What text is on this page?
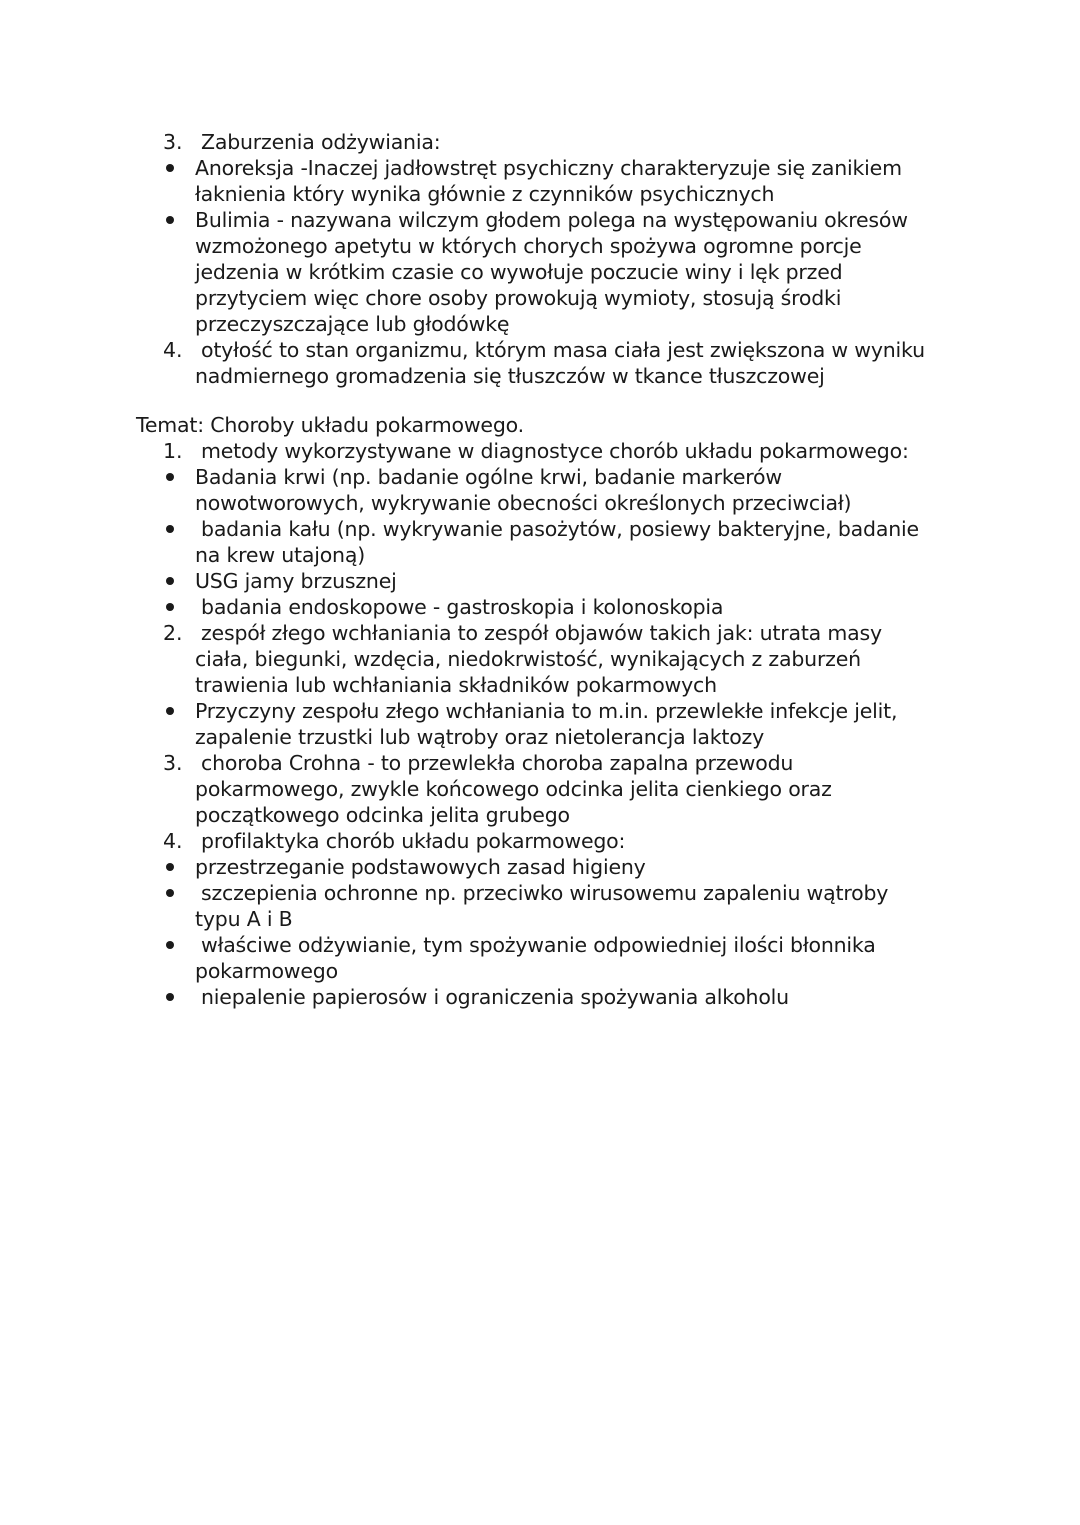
3. Zaburzenia odżywiania:
Anoreksja -Inaczej jadłowstręt psychiczny charakteryzuje się zanikiem
łaknienia który wynika głównie z czynników psychicznych
Bulimia - nazywana wilczym głodem polega na występowaniu okresów
wzmożonego apetytu w których chorych spożywa ogromne porcje
jedzenia w krótkim czasie co wywołuje poczucie winy i lęk przed
przytyciem więc chore osoby prowokują wymioty, stosują środki
przeczyszczające lub głodówkę
4. otyłość to stan organizmu, którym masa ciała jest zwiększona w wyniku
nadmiernego gromadzenia się tłuszczów w tkance tłuszczowej
Temat: Choroby układu pokarmowego.
1. metody wykorzystywane w diagnostyce chorób układu pokarmowego:
Badania krwi (np. badanie ogólne krwi, badanie markerów
nowotworowych, wykrywanie obecności określonych przeciwciał)
badania kału (np. wykrywanie pasożytów, posiewy bakteryjne, badanie
na krew utajoną)
USG jamy brzusznej
badania endoskopowe - gastroskopia i kolonoskopia
2. zespół złego wchłaniania to zespół objawów takich jak: utrata masy
ciała, biegunki, wzdęcia, niedokrwistość, wynikających z zaburzeń
trawienia lub wchłaniania składników pokarmowych
Przyczyny zespołu złego wchłaniania to m.in. przewlekłe infekcje jelit,
zapalenie trzustki lub wątroby oraz nietolerancja laktozy
3. choroba Crohna - to przewlekła choroba zapalna przewodu
pokarmowego, zwykle końcowego odcinka jelita cienkiego oraz
początkowego odcinka jelita grubego
4. profilaktyka chorób układu pokarmowego:
przestrzeganie podstawowych zasad higieny
szczepienia ochronne np. przeciwko wirusowemu zapaleniu wątroby
typu A i B
właściwe odżywianie, tym spożywanie odpowiedniej ilości błonnika
pokarmowego
niepalenie papierosów i ograniczenia spożywania alkoholu
